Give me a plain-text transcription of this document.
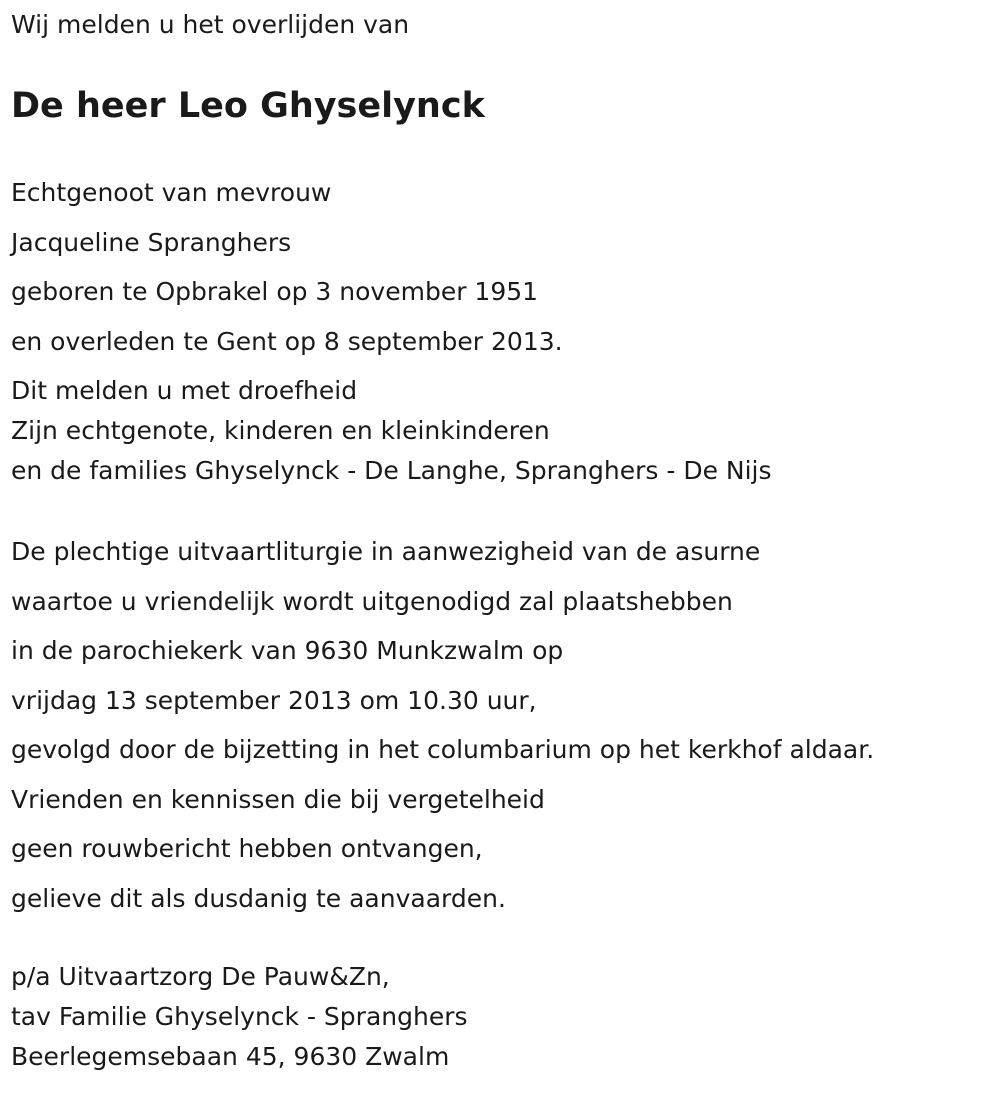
Wij melden u het overlijden van

De heer Leo Ghyselynck

Echtgenoot van mevrouw

Jacqueline Spranghers

geboren te Opbrakel op 3 november 1951

en overleden te Gent op 8 september 2013.

Dit melden u met droefheid

Zijn echtgenote, kinderen en kleinkinderen

en de families Ghyselynck - De Langhe, Spranghers - De Nijs

De plechtige uitvaartliturgie in aanwezigheid van de asurne

waartoe u vriendelijk wordt uitgenodigd zal plaatshebben

in de parochiekerk van 9630 Munkzwalm op

vrijdag 13 september 2013 om 10.30 uur,

gevolgd door de bijzetting in het columbarium op het kerkhof aldaar.

Vrienden en kennissen die bij vergetelheid

geen rouwbericht hebben ontvangen,

gelieve dit als dusdanig te aanvaarden.

p/a Uitvaartzorg De Pauw&Zn,

tav Familie Ghyselynck - Spranghers

Beerlegemsebaan 45, 9630 Zwalm
